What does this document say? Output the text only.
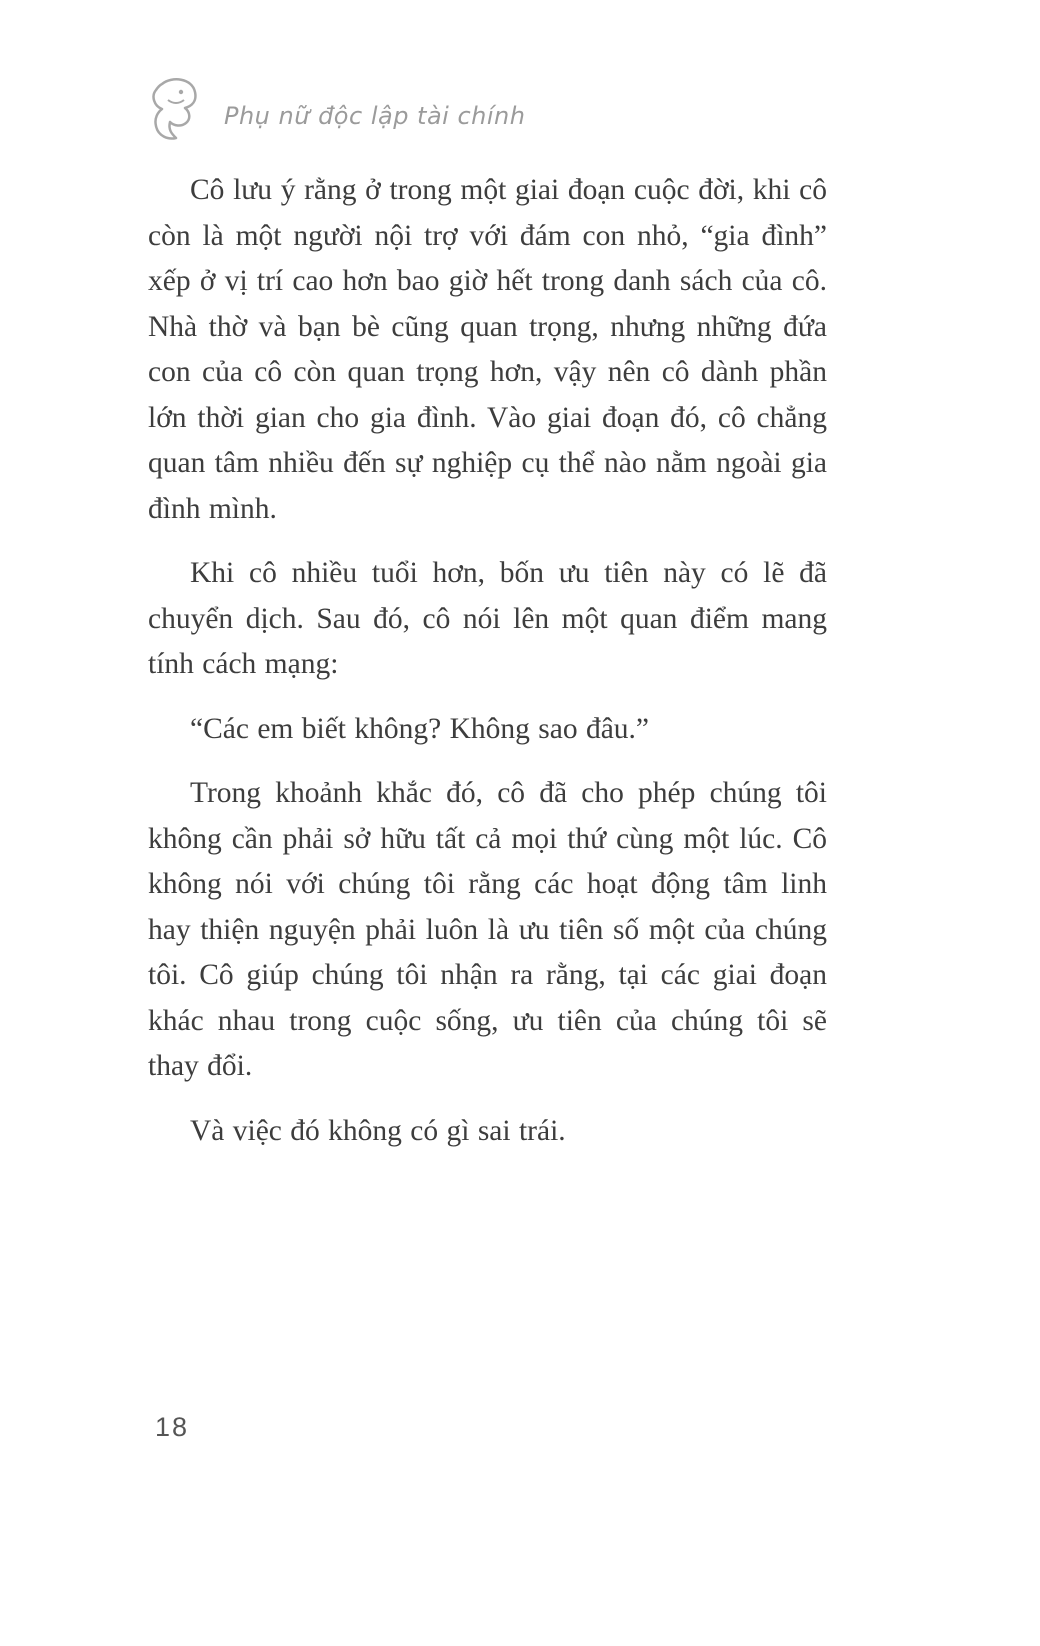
Phụ nữ độc lập tài chính

Cô lưu ý rằng ở trong một giai đoạn cuộc đời, khi cô còn là một người nội trợ với đám con nhỏ, “gia đình” xếp ở vị trí cao hơn bao giờ hết trong danh sách của cô. Nhà thờ và bạn bè cũng quan trọng, nhưng những đứa con của cô còn quan trọng hơn, vậy nên cô dành phần lớn thời gian cho gia đình. Vào giai đoạn đó, cô chẳng quan tâm nhiều đến sự nghiệp cụ thể nào nằm ngoài gia đình mình.

Khi cô nhiều tuổi hơn, bốn ưu tiên này có lẽ đã chuyển dịch. Sau đó, cô nói lên một quan điểm mang tính cách mạng:

“Các em biết không? Không sao đâu.”

Trong khoảnh khắc đó, cô đã cho phép chúng tôi không cần phải sở hữu tất cả mọi thứ cùng một lúc. Cô không nói với chúng tôi rằng các hoạt động tâm linh hay thiện nguyện phải luôn là ưu tiên số một của chúng tôi. Cô giúp chúng tôi nhận ra rằng, tại các giai đoạn khác nhau trong cuộc sống, ưu tiên của chúng tôi sẽ thay đổi.

Và việc đó không có gì sai trái.

18
